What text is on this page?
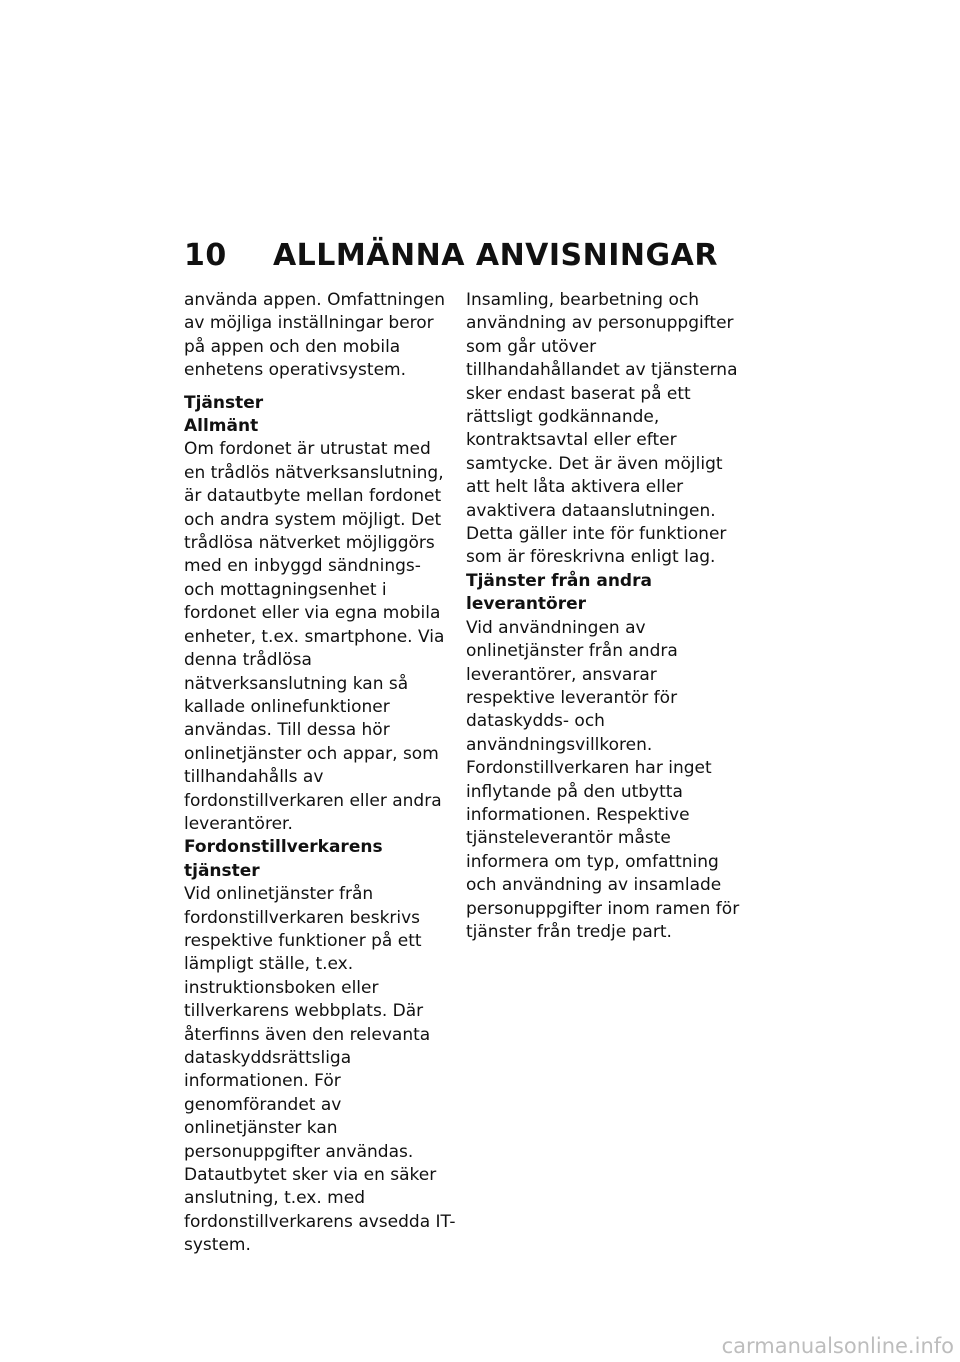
10 ALLMÄNNA ANVISNINGAR

använda appen. Omfattningen av möjliga inställningar beror på appen och den mobila enhetens operativsystem.

Tjänster

Allmänt

Om fordonet är utrustat med en trådlös nätverksanslutning, är datautbyte mellan fordonet och andra system möjligt. Det trådlösa nätverket möjliggörs med en inbyggd sändnings- och mottagningsenhet i fordonet eller via egna mobila enheter, t.ex. smartphone. Via denna trådlösa nätverksanslutning kan så kallade onlinefunktioner användas. Till dessa hör onlinetjänster och appar, som tillhandahålls av fordonstillverkaren eller andra leverantörer.

Fordonstillverkarens tjänster

Vid onlinetjänster från fordonstillverkaren beskrivs respektive funktioner på ett lämpligt ställe, t.ex. instruktionsboken eller tillverkarens webbplats. Där återfinns även den relevanta dataskyddsrättsliga informationen. För genomförandet av onlinetjänster kan personuppgifter användas. Datautbytet sker via en säker anslutning, t.ex. med fordonstillverkarens avsedda IT-system.

Insamling, bearbetning och användning av personuppgifter som går utöver tillhandahållandet av tjänsterna sker endast baserat på ett rättsligt godkännande, kontraktsavtal eller efter samtycke. Det är även möjligt att helt låta aktivera eller avaktivera dataanslutningen. Detta gäller inte för funktioner som är föreskrivna enligt lag.

Tjänster från andra leverantörer

Vid användningen av onlinetjänster från andra leverantörer, ansvarar respektive leverantör för dataskydds- och användningsvillkoren. Fordonstillverkaren har inget inflytande på den utbytta informationen. Respektive tjänsteleverantör måste informera om typ, omfattning och användning av insamlade personuppgifter inom ramen för tjänster från tredje part.

carmanualsonline.info
